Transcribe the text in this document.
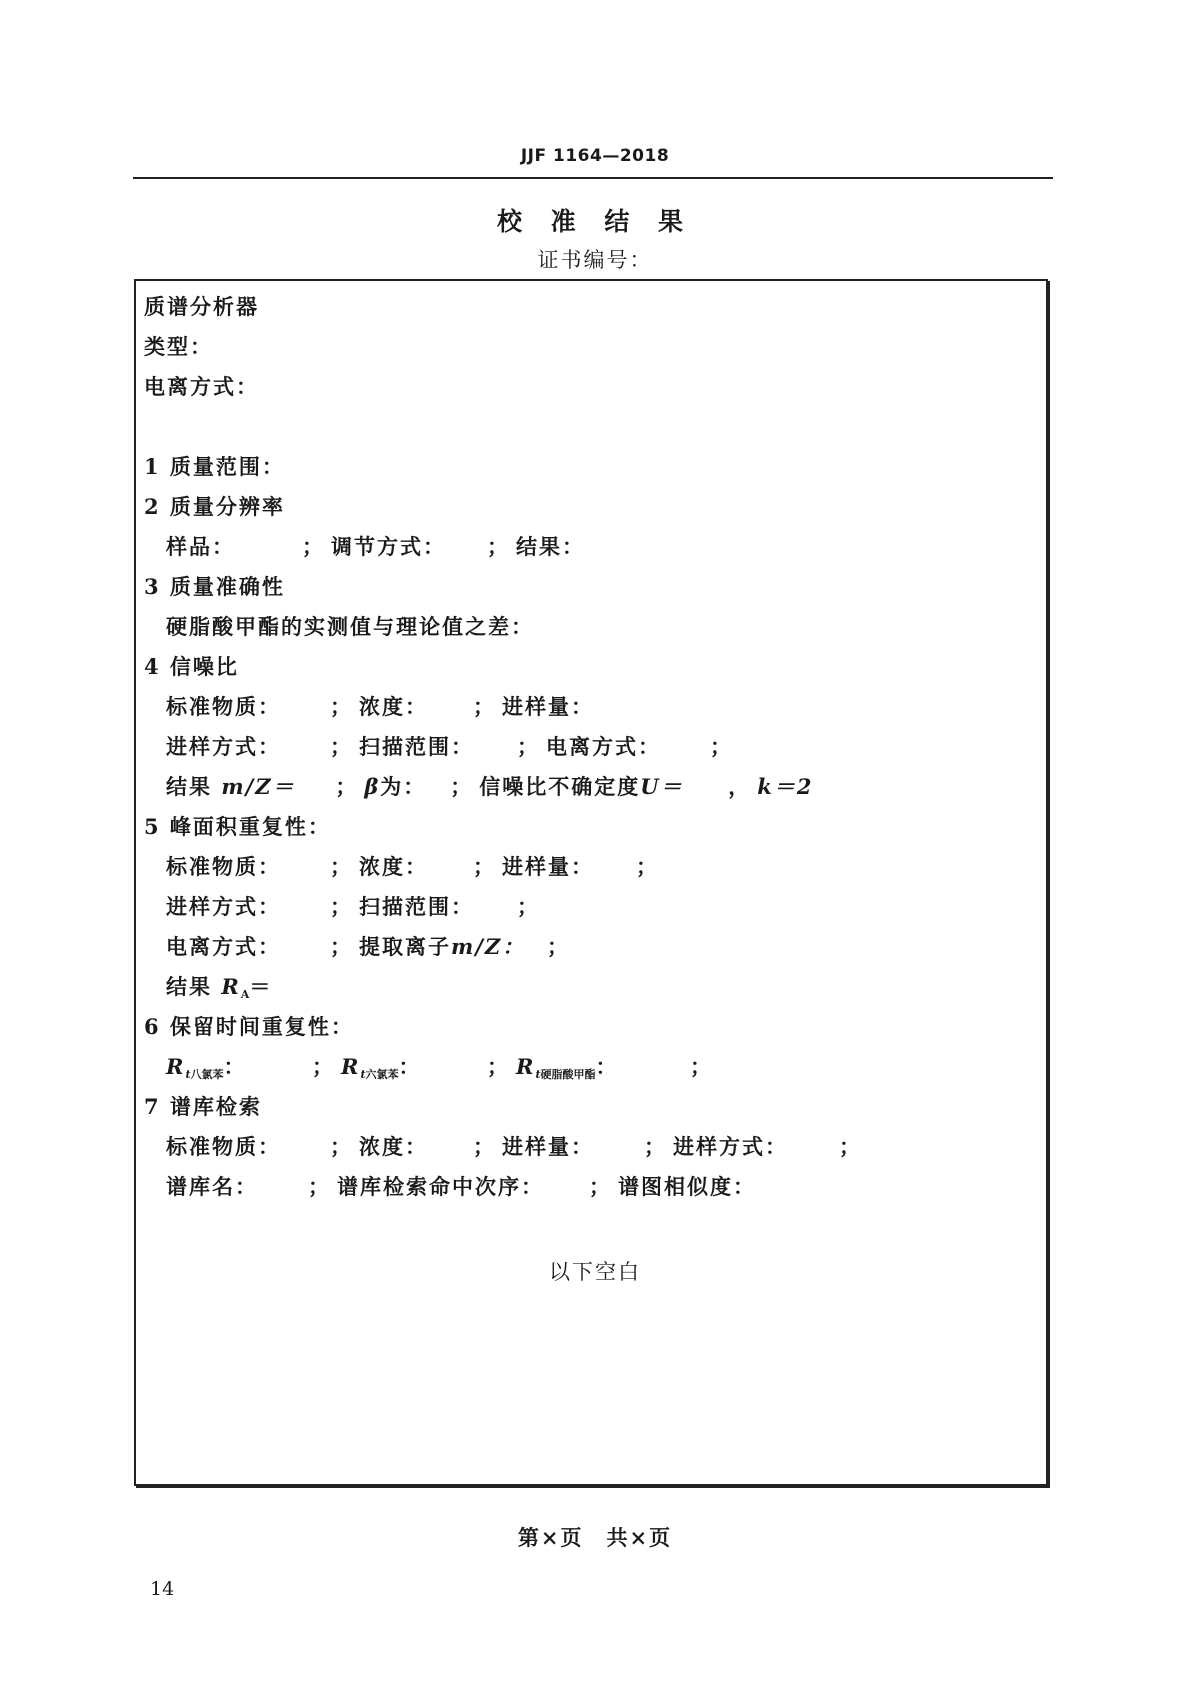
JJF 1164—2018
校 准 结 果
证书编号：
质谱分析器
类型：
电离方式：
1 质量范围：
2 质量分辨率
样品：	； 调节方式： ； 结果：
3 质量准确性
硬脂酸甲酯的实测值与理论值之差：
4 信噪比
标准物质： ； 浓度： ； 进样量：
进样方式： ； 扫描范围： ； 电离方式： ；
结果 m/Z＝ ； β为： ； 信噪比不确定度U＝ ， k＝2
5 峰面积重复性：
标准物质： ； 浓度： ； 进样量： ；
进样方式： ； 扫描范围： ；
电离方式： ； 提取离子m/Z： ；
结果 $R_A=$
6 保留时间重复性：
$R_{t八氯苯}$：	； $R_{t六氯苯}$：	； $R_{t硬脂酸甲酯}$：	；
7 谱库检索
标准物质： ； 浓度： ； 进样量： ； 进样方式： ；
谱库名： ； 谱库检索命中次序： ； 谱图相似度：
以下空白
第×页　共×页
14
